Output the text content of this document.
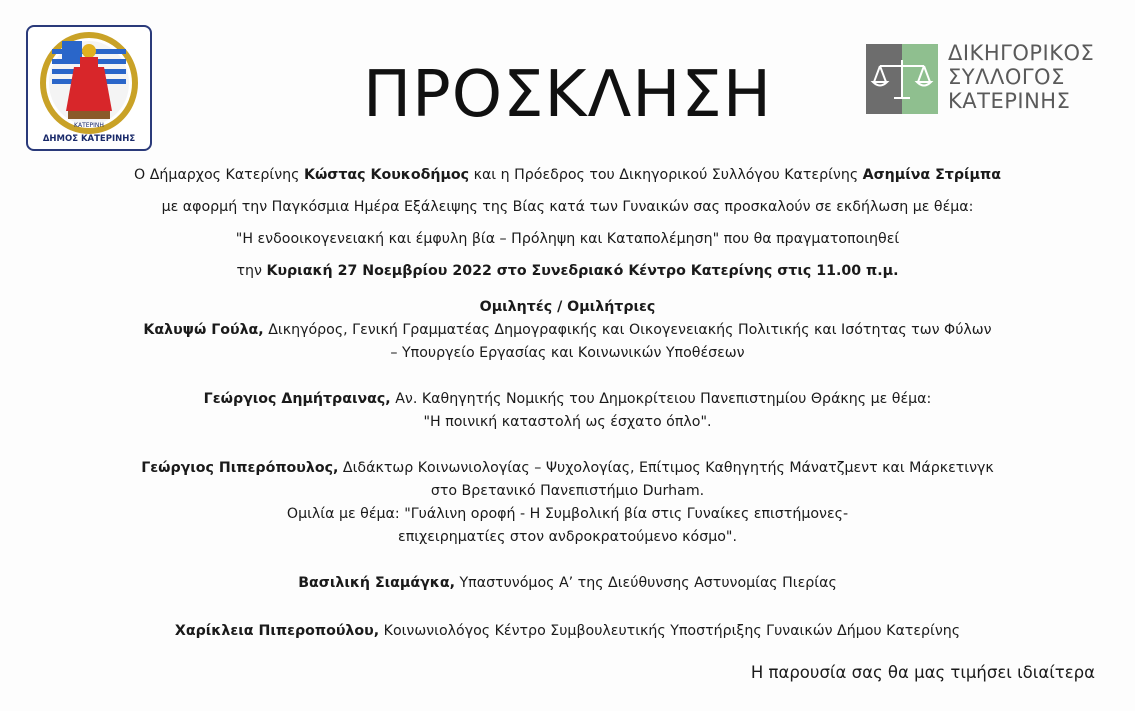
ΚΑΤΕΡΙΝΗ
ΔΗΜΟΣ ΚΑΤΕΡΙΝΗΣ
ΠΡΟΣΚΛΗΣΗ
ΔΙΚΗΓΟΡΙΚΟΣ
ΣΥΛΛΟΓΟΣ
ΚΑΤΕΡΙΝΗΣ
Ο Δήμαρχος Κατερίνης Κώστας Κουκοδήμος και η Πρόεδρος του Δικηγορικού Συλλόγου Κατερίνης Ασημίνα Στρίμπα
με αφορμή την Παγκόσμια Ημέρα Εξάλειψης της Βίας κατά των Γυναικών σας προσκαλούν σε εκδήλωση με θέμα:
"Η ενδοοικογενειακή και έμφυλη βία – Πρόληψη και Καταπολέμηση" που θα πραγματοποιηθεί
την Κυριακή 27 Νοεμβρίου 2022 στο Συνεδριακό Κέντρο Κατερίνης στις 11.00 π.μ.
Ομιλητές / Ομιλήτριες
Καλυψώ Γούλα, Δικηγόρος, Γενική Γραμματέας Δημογραφικής και Οικογενειακής Πολιτικής και Ισότητας των Φύλων
– Υπουργείο Εργασίας και Κοινωνικών Υποθέσεων
Γεώργιος Δημήτραινας, Αν. Καθηγητής Νομικής του Δημοκρίτειου Πανεπιστημίου Θράκης με θέμα:
"Η ποινική καταστολή ως έσχατο όπλο".
Γεώργιος Πιπερόπουλος, Διδάκτωρ Κοινωνιολογίας – Ψυχολογίας, Επίτιμος Καθηγητής Μάνατζμεντ και Μάρκετινγκ
στο Βρετανικό Πανεπιστήμιο Durham.
Ομιλία με θέμα: "Γυάλινη οροφή - Η Συμβολική βία στις Γυναίκες επιστήμονες-
επιχειρηματίες στον ανδροκρατούμενο κόσμο".
Βασιλική Σιαμάγκα, Υπαστυνόμος Α’ της Διεύθυνσης Αστυνομίας Πιερίας
Χαρίκλεια Πιπεροπούλου, Κοινωνιολόγος Κέντρο Συμβουλευτικής Υποστήριξης Γυναικών Δήμου Κατερίνης
Η παρουσία σας θα μας τιμήσει ιδιαίτερα
